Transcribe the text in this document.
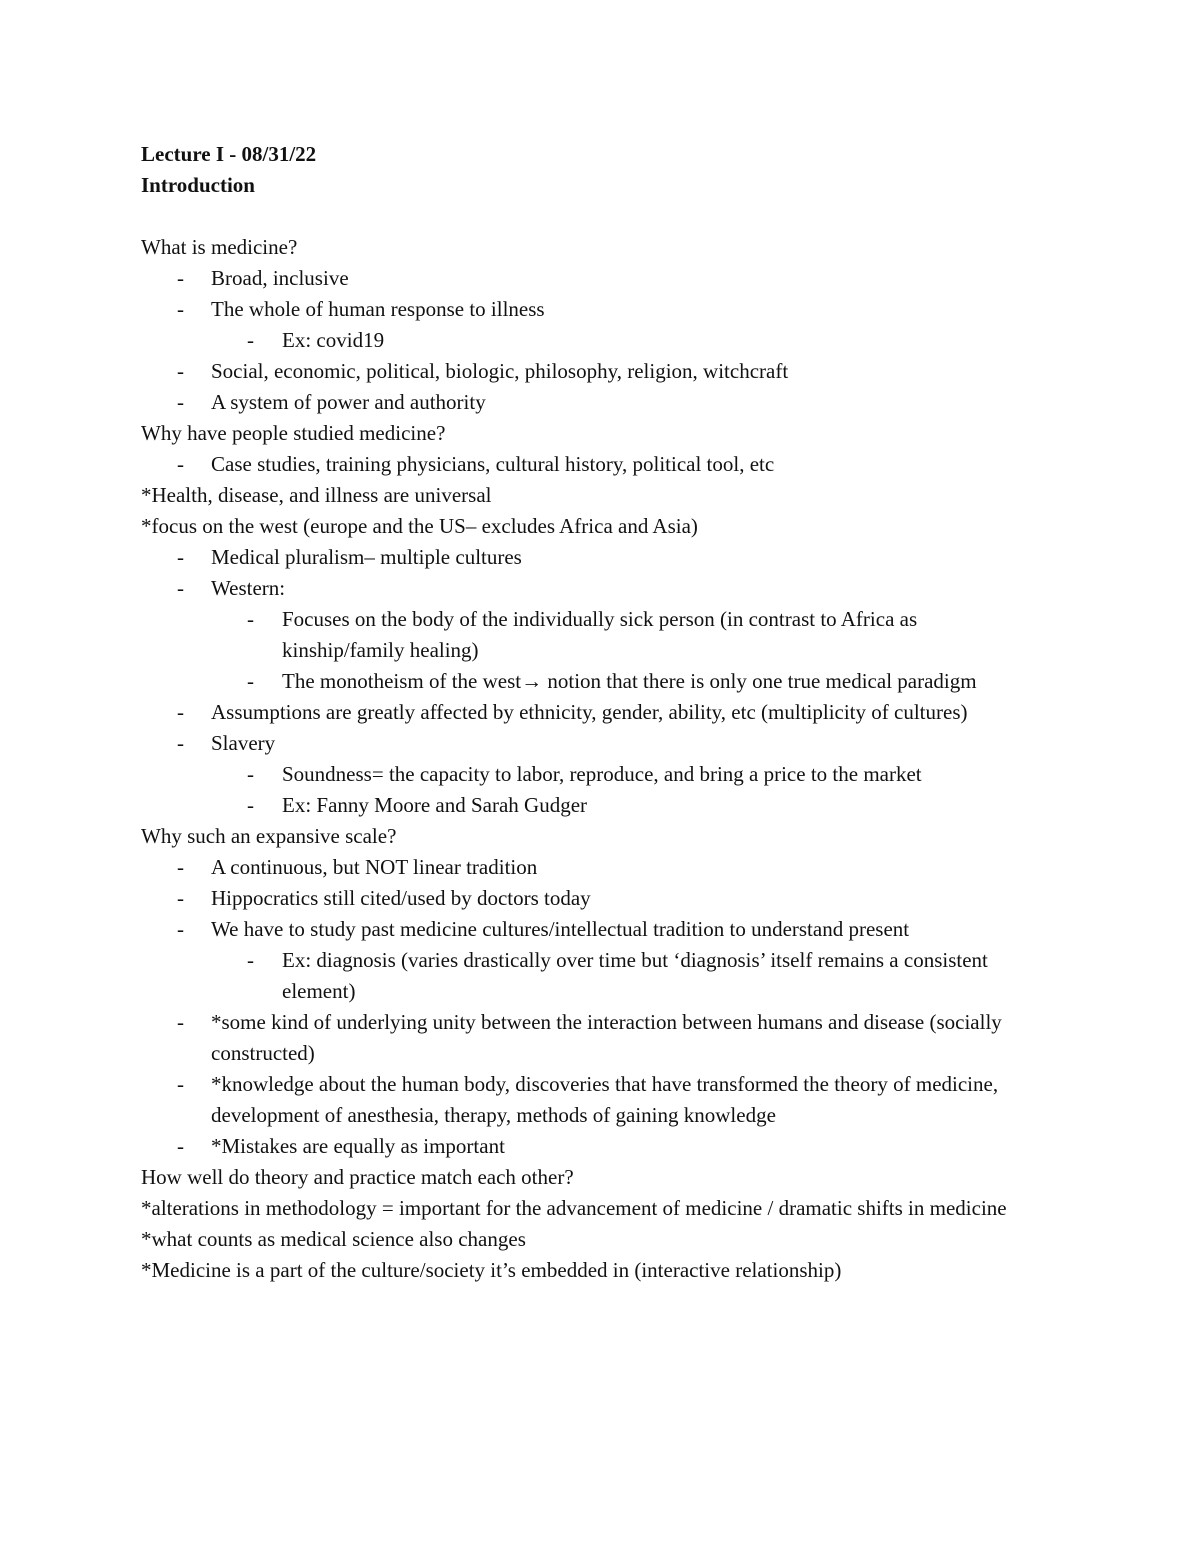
Lecture I - 08/31/22
Introduction
What is medicine?
- Broad, inclusive
- The whole of human response to illness
- Ex: covid19
- Social, economic, political, biologic, philosophy, religion, witchcraft
- A system of power and authority
Why have people studied medicine?
- Case studies, training physicians, cultural history, political tool, etc
*Health, disease, and illness are universal
*focus on the west (europe and the US– excludes Africa and Asia)
- Medical pluralism– multiple cultures
- Western:
- Focuses on the body of the individually sick person (in contrast to Africa as kinship/family healing)
- The monotheism of the west→ notion that there is only one true medical paradigm
- Assumptions are greatly affected by ethnicity, gender, ability, etc (multiplicity of cultures)
- Slavery
- Soundness= the capacity to labor, reproduce, and bring a price to the market
- Ex: Fanny Moore and Sarah Gudger
Why such an expansive scale?
- A continuous, but NOT linear tradition
- Hippocratics still cited/used by doctors today
- We have to study past medicine cultures/intellectual tradition to understand present
- Ex: diagnosis (varies drastically over time but ‘diagnosis’ itself remains a consistent element)
- *some kind of underlying unity between the interaction between humans and disease (socially constructed)
- *knowledge about the human body, discoveries that have transformed the theory of medicine, development of anesthesia, therapy, methods of gaining knowledge
- *Mistakes are equally as important
How well do theory and practice match each other?
*alterations in methodology = important for the advancement of medicine / dramatic shifts in medicine
*what counts as medical science also changes
*Medicine is a part of the culture/society it’s embedded in (interactive relationship)
